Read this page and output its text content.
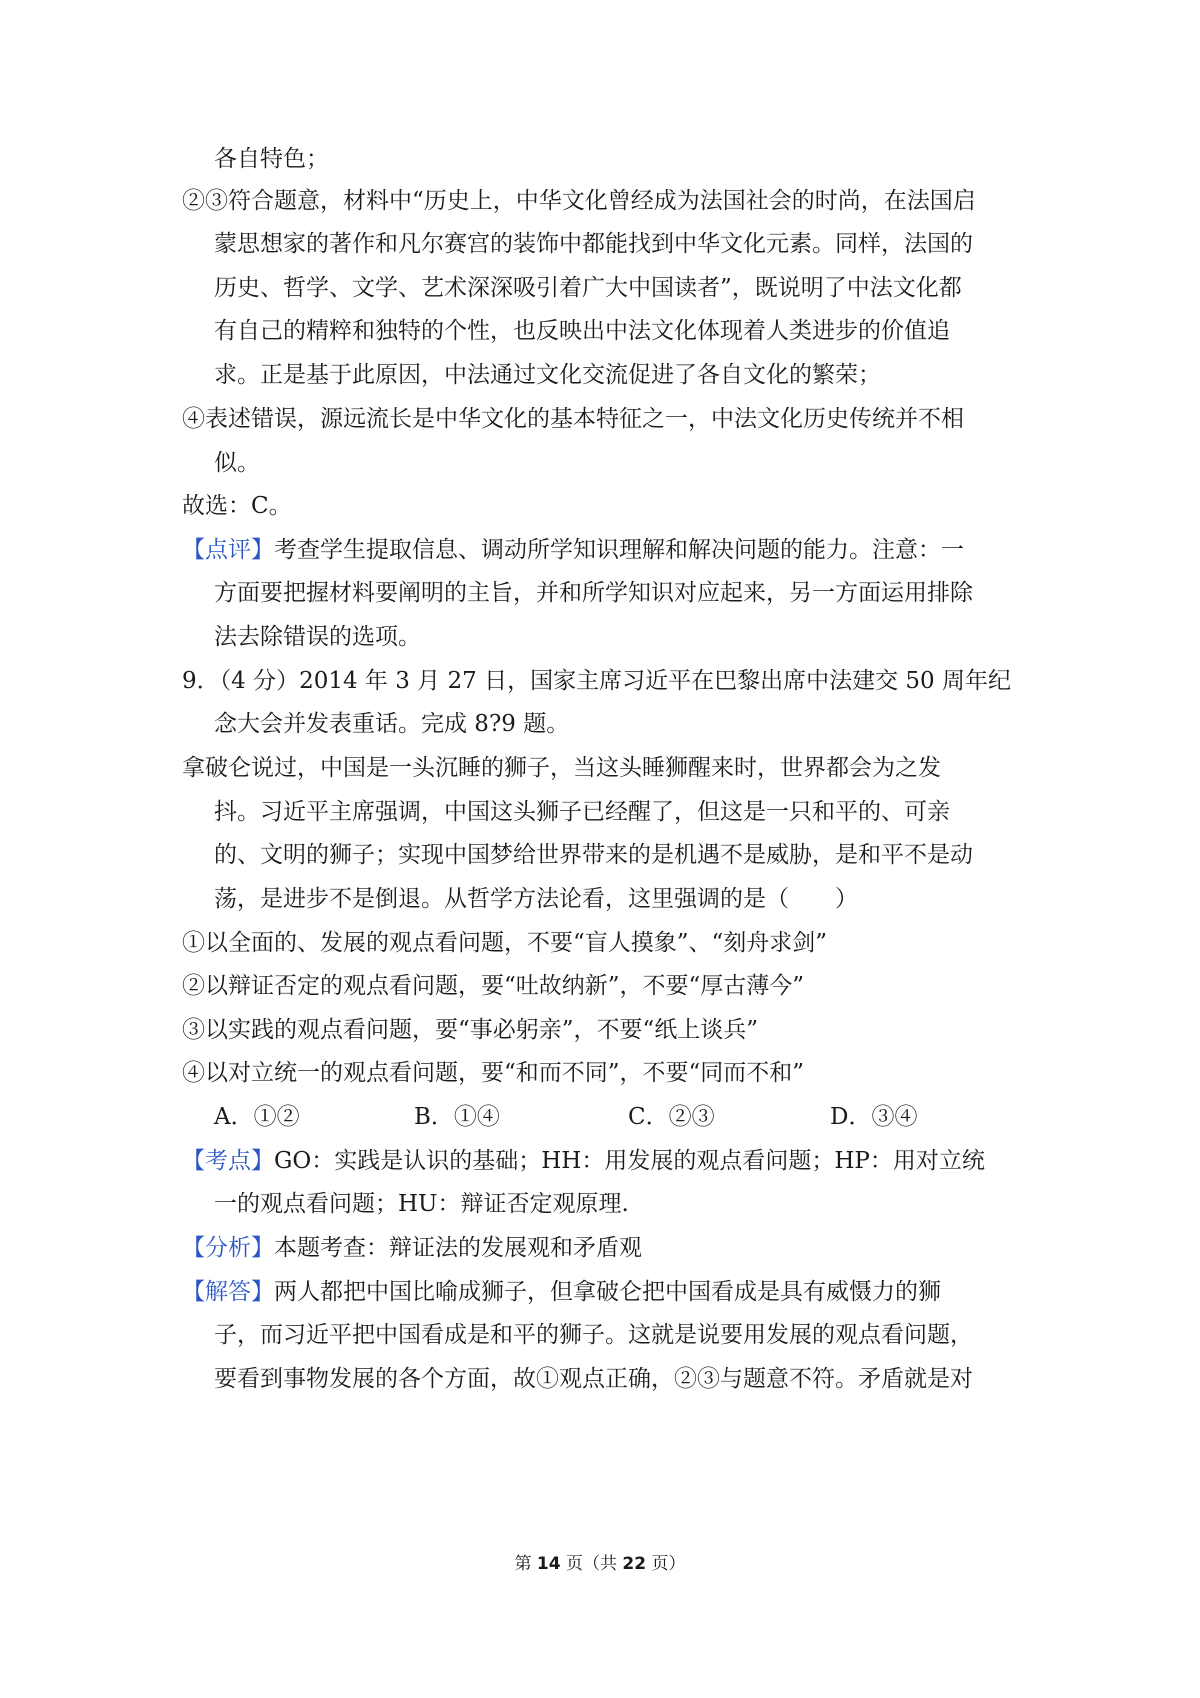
各自特色；
②③符合题意，材料中“历史上，中华文化曾经成为法国社会的时尚，在法国启
蒙思想家的著作和凡尔赛宫的装饰中都能找到中华文化元素。同样，法国的
历史、哲学、文学、艺术深深吸引着广大中国读者”，既说明了中法文化都
有自己的精粹和独特的个性，也反映出中法文化体现着人类进步的价值追
求。正是基于此原因，中法通过文化交流促进了各自文化的繁荣；
④表述错误，源远流长是中华文化的基本特征之一，中法文化历史传统并不相
似。
故选：C。
【点评】考查学生提取信息、调动所学知识理解和解决问题的能力。注意：一
方面要把握材料要阐明的主旨，并和所学知识对应起来，另一方面运用排除
法去除错误的选项。
9．（4 分）2014 年 3 月 27 日，国家主席习近平在巴黎出席中法建交 50 周年纪
念大会并发表重话。完成 8?9 题。
拿破仑说过，中国是一头沉睡的狮子，当这头睡狮醒来时，世界都会为之发
抖。习近平主席强调，中国这头狮子已经醒了，但这是一只和平的、可亲
的、文明的狮子；实现中国梦给世界带来的是机遇不是威胁，是和平不是动
荡，是进步不是倒退。从哲学方法论看，这里强调的是（　　）
①以全面的、发展的观点看问题，不要“盲人摸象”、“刻舟求剑”
②以辩证否定的观点看问题，要“吐故纳新”，不要“厚古薄今”
③以实践的观点看问题，要“事必躬亲”，不要“纸上谈兵”
④以对立统一的观点看问题，要“和而不同”，不要“同而不和”
A．①②	B．①④	C．②③	D．③④
【考点】GO：实践是认识的基础；HH：用发展的观点看问题；HP：用对立统
一的观点看问题；HU：辩证否定观原理.
【分析】本题考查：辩证法的发展观和矛盾观
【解答】两人都把中国比喻成狮子，但拿破仑把中国看成是具有威慑力的狮
子，而习近平把中国看成是和平的狮子。这就是说要用发展的观点看问题，
要看到事物发展的各个方面，故①观点正确，②③与题意不符。矛盾就是对
第 14 页（共 22 页）
